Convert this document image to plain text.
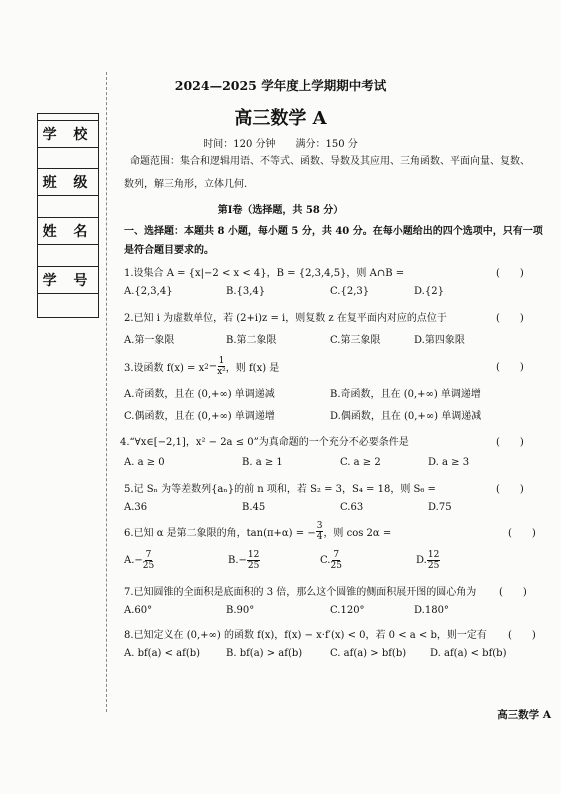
学 校
班 级
姓 名
学 号
2024—2025 学年度上学期期中考试
高三数学 A
时间：120 分钟　　满分：150 分
命题范围：集合和逻辑用语、不等式、函数、导数及其应用、三角函数、平面向量、复数、
数列，解三角形，立体几何.
第Ⅰ卷（选择题，共 58 分）
一、选择题：本题共 8 小题，每小题 5 分，共 40 分。在每小题给出的四个选项中，只有一项
是符合题目要求的。
1.设集合 A = {x|−2 < x < 4}，B = {2,3,4,5}，则 A∩B =	(　　)
A.{2,3,4}	B.{3,4}	C.{2,3}	D.{2}
2.已知 i 为虚数单位，若 (2+i)z = i，则复数 z 在复平面内对应的点位于	(　　)
A.第一象限	B.第二象限	C.第三象限	D.第四象限
3.设函数 f(x) = x $2 - \frac{1}{\text{x²}}$ ，则 f(x) 是	(　　)
A.奇函数，且在 (0,+∞) 单调递减	B.奇函数，且在 (0,+∞) 单调递增
C.偶函数，且在 (0,+∞) 单调递增	D.偶函数，且在 (0,+∞) 单调递减
4.“∀x∈[−2,1]，x² − 2a ≤ 0”为真命题的一个充分不必要条件是	(　　)
A. a ≥ 0	B. a ≥ 1	C. a ≥ 2	D. a ≥ 3
5.记 Sₙ 为等差数列{aₙ}的前 n 项和，若 S₂ = 3，S₄ = 18，则 S₆ =	(　　)
A.36	B.45	C.63	D.75
6.已知 α 是第二象限的角，tan(π+α) = − $\frac{3}{4}$ ，则 cos 2α =	(　　)
$A.- \frac{7}{25}$	$B.- \frac{12}{25}$	C. $\frac{7}{25}$	D. $\frac{12}{25}$
7.已知圆锥的全面积是底面积的 3 倍，那么这个圆锥的侧面积展开图的圆心角为 (　　)
A.60°	B.90°	C.120°	D.180°
8.已知定义在 (0,+∞) 的函数 f(x)，f(x) − x·f′(x) < 0，若 0 < a < b，则一定有 (　　)
A. bf(a) < af(b)	B. bf(a) > af(b)	C. af(a) > bf(b) D. af(a) < bf(b)
高三数学 A
